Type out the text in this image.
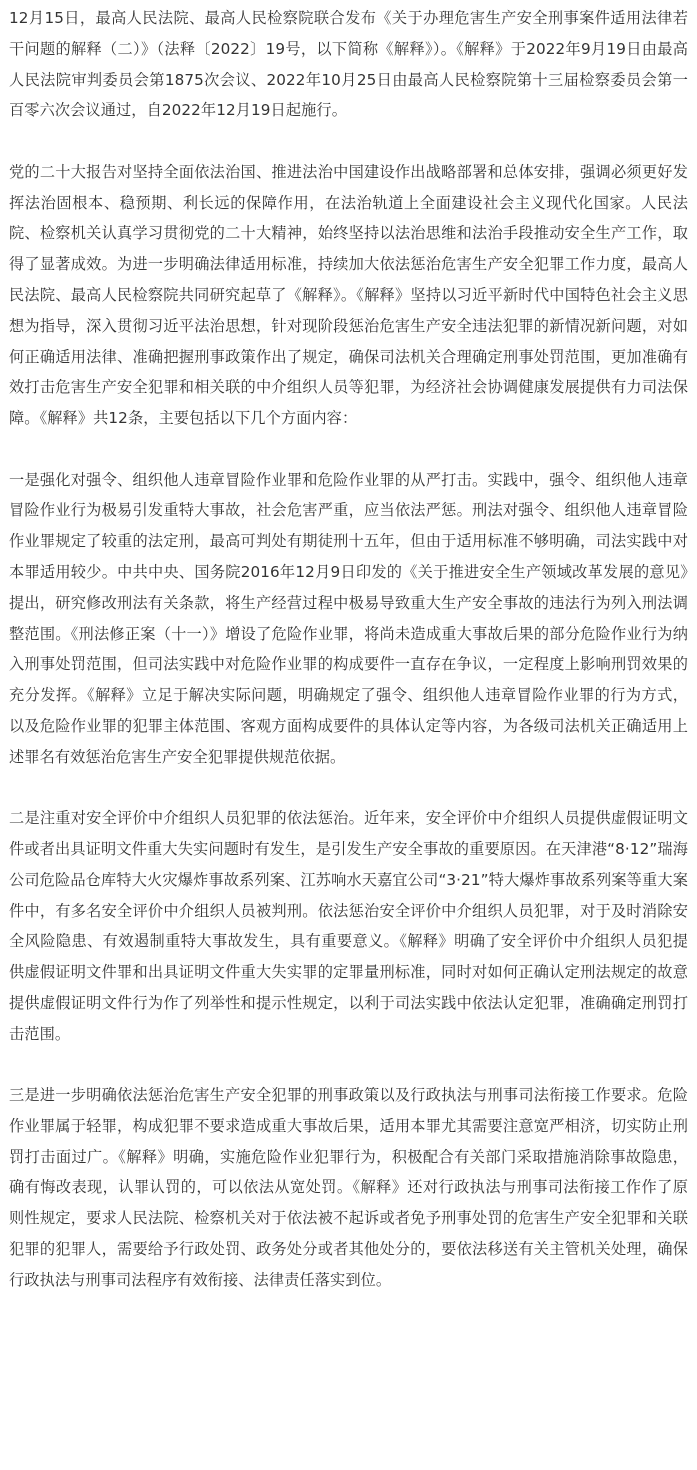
12月15日，最高人民法院、最高人民检察院联合发布《关于办理危害生产安全刑事案件适用法律若干问题的解释（二）》（法释〔2022〕19号，以下简称《解释》）。《解释》于2022年9月19日由最高人民法院审判委员会第1875次会议、2022年10月25日由最高人民检察院第十三届检察委员会第一百零六次会议通过，自2022年12月19日起施行。

党的二十大报告对坚持全面依法治国、推进法治中国建设作出战略部署和总体安排，强调必须更好发挥法治固根本、稳预期、利长远的保障作用，在法治轨道上全面建设社会主义现代化国家。人民法院、检察机关认真学习贯彻党的二十大精神，始终坚持以法治思维和法治手段推动安全生产工作，取得了显著成效。为进一步明确法律适用标准，持续加大依法惩治危害生产安全犯罪工作力度，最高人民法院、最高人民检察院共同研究起草了《解释》。《解释》坚持以习近平新时代中国特色社会主义思想为指导，深入贯彻习近平法治思想，针对现阶段惩治危害生产安全违法犯罪的新情况新问题，对如何正确适用法律、准确把握刑事政策作出了规定，确保司法机关合理确定刑事处罚范围，更加准确有效打击危害生产安全犯罪和相关联的中介组织人员等犯罪，为经济社会协调健康发展提供有力司法保障。《解释》共12条，主要包括以下几个方面内容：

一是强化对强令、组织他人违章冒险作业罪和危险作业罪的从严打击。实践中，强令、组织他人违章冒险作业行为极易引发重特大事故，社会危害严重，应当依法严惩。刑法对强令、组织他人违章冒险作业罪规定了较重的法定刑，最高可判处有期徒刑十五年，但由于适用标准不够明确，司法实践中对本罪适用较少。中共中央、国务院2016年12月9日印发的《关于推进安全生产领域改革发展的意见》提出，研究修改刑法有关条款，将生产经营过程中极易导致重大生产安全事故的违法行为列入刑法调整范围。《刑法修正案（十一）》增设了危险作业罪，将尚未造成重大事故后果的部分危险作业行为纳入刑事处罚范围，但司法实践中对危险作业罪的构成要件一直存在争议，一定程度上影响刑罚效果的充分发挥。《解释》立足于解决实际问题，明确规定了强令、组织他人违章冒险作业罪的行为方式，以及危险作业罪的犯罪主体范围、客观方面构成要件的具体认定等内容，为各级司法机关正确适用上述罪名有效惩治危害生产安全犯罪提供规范依据。

二是注重对安全评价中介组织人员犯罪的依法惩治。近年来，安全评价中介组织人员提供虚假证明文件或者出具证明文件重大失实问题时有发生，是引发生产安全事故的重要原因。在天津港“8·12”瑞海公司危险品仓库特大火灾爆炸事故系列案、江苏响水天嘉宜公司“3·21”特大爆炸事故系列案等重大案件中，有多名安全评价中介组织人员被判刑。依法惩治安全评价中介组织人员犯罪，对于及时消除安全风险隐患、有效遏制重特大事故发生，具有重要意义。《解释》明确了安全评价中介组织人员犯提供虚假证明文件罪和出具证明文件重大失实罪的定罪量刑标准，同时对如何正确认定刑法规定的故意提供虚假证明文件行为作了列举性和提示性规定，以利于司法实践中依法认定犯罪，准确确定刑罚打击范围。

三是进一步明确依法惩治危害生产安全犯罪的刑事政策以及行政执法与刑事司法衔接工作要求。危险作业罪属于轻罪，构成犯罪不要求造成重大事故后果，适用本罪尤其需要注意宽严相济，切实防止刑罚打击面过广。《解释》明确，实施危险作业犯罪行为，积极配合有关部门采取措施消除事故隐患，确有悔改表现，认罪认罚的，可以依法从宽处罚。《解释》还对行政执法与刑事司法衔接工作作了原则性规定，要求人民法院、检察机关对于依法被不起诉或者免予刑事处罚的危害生产安全犯罪和关联犯罪的犯罪人，需要给予行政处罚、政务处分或者其他处分的，要依法移送有关主管机关处理，确保行政执法与刑事司法程序有效衔接、法律责任落实到位。
